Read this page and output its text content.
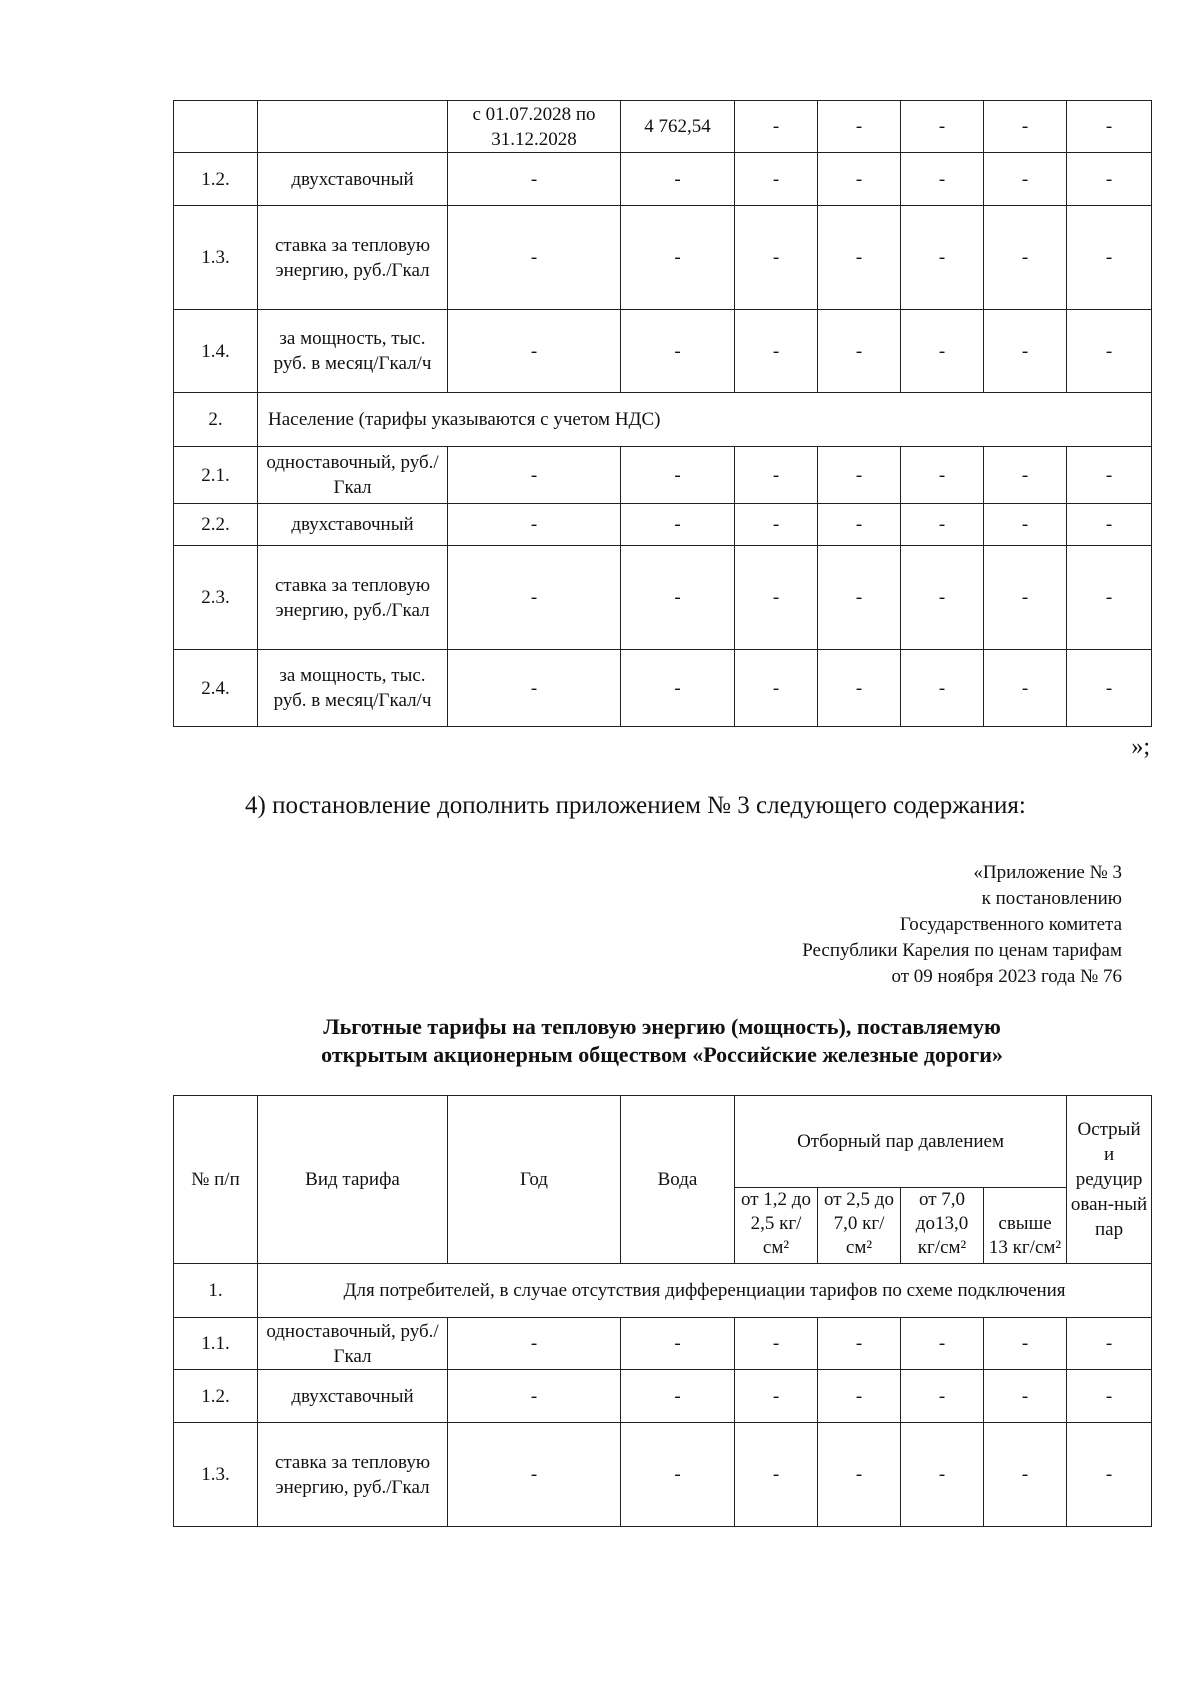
		с 01.07.2028 по 31.12.2028	4 762,54	-	-	-	-	-
1.2.	двухставочный	-	-	-	-	-	-	-
1.3.	ставка за тепловую энергию, руб./Гкал	-	-	-	-	-	-	-
1.4.	за мощность, тыс. руб. в месяц/Гкал/ч	-	-	-	-	-	-	-
2.	Население (тарифы указываются с учетом НДС)							
2.1.	одноставочный, руб./Гкал	-	-	-	-	-	-	-
2.2.	двухставочный	-	-	-	-	-	-	-
2.3.	ставка за тепловую энергию, руб./Гкал	-	-	-	-	-	-	-
2.4.	за мощность, тыс. руб. в месяц/Гкал/ч	-	-	-	-	-	-	-
»;
4) постановление дополнить приложением № 3 следующего содержания:
«Приложение № 3
к постановлению
Государственного комитета
Республики Карелия по ценам тарифам
от 09 ноября 2023 года № 76
Льготные тарифы на тепловую энергию (мощность), поставляемую
открытым акционерным обществом «Российские железные дороги»
№ п/п	Вид тарифа	Год	Вода	Отборный пар давлением				Острый и редуцир ован-ный пар
				от 1,2 до 2,5 кг/см²	от 2,5 до 7,0 кг/см²	от 7,0 до13,0 кг/см²	свыше 13 кг/см²	
1.	Для потребителей, в случае отсутствия дифференциации тарифов по схеме подключения							
1.1.	одноставочный, руб./Гкал	-	-	-	-	-	-	-
1.2.	двухставочный	-	-	-	-	-	-	-
1.3.	ставка за тепловую энергию, руб./Гкал	-	-	-	-	-	-	-
